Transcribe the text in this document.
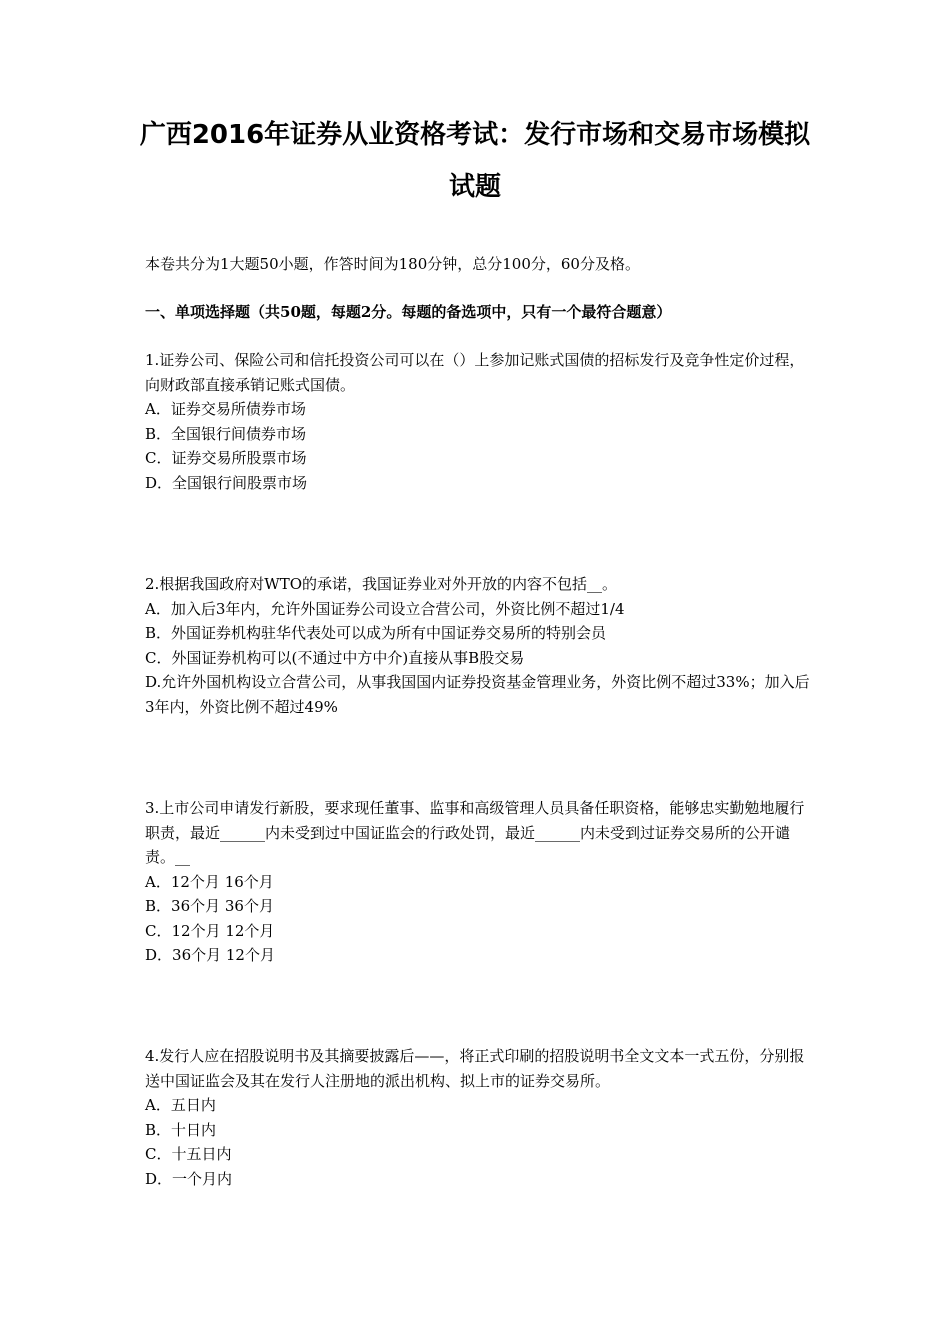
广西2016年证券从业资格考试：发行市场和交易市场模拟
试题
本卷共分为1大题50小题，作答时间为180分钟，总分100分，60分及格。
一、单项选择题（共50题，每题2分。每题的备选项中，只有一个最符合题意）
1.证券公司、保险公司和信托投资公司可以在（）上参加记账式国债的招标发行及竞争性定价过程，向财政部直接承销记账式国债。
A．证券交易所债券市场
B．全国银行间债券市场
C．证券交易所股票市场
D．全国银行间股票市场
2.根据我国政府对WTO的承诺，我国证券业对外开放的内容不包括__。
A．加入后3年内，允许外国证券公司设立合营公司，外资比例不超过1/4
B．外国证券机构驻华代表处可以成为所有中国证券交易所的特别会员
C．外国证券机构可以(不通过中方中介)直接从事B股交易
D.允许外国机构设立合营公司，从事我国国内证券投资基金管理业务，外资比例不超过33%；加入后3年内，外资比例不超过49%
3.上市公司申请发行新股，要求现任董事、监事和高级管理人员具备任职资格，能够忠实勤勉地履行职责，最近______内未受到过中国证监会的行政处罚，最近______内未受到过证券交易所的公开谴责。__
A．12个月 16个月
B．36个月 36个月
C．12个月 12个月
D．36个月 12个月
4.发行人应在招股说明书及其摘要披露后——，将正式印刷的招股说明书全文文本一式五份，分别报送中国证监会及其在发行人注册地的派出机构、拟上市的证券交易所。
A．五日内
B．十日内
C．十五日内
D．一个月内
